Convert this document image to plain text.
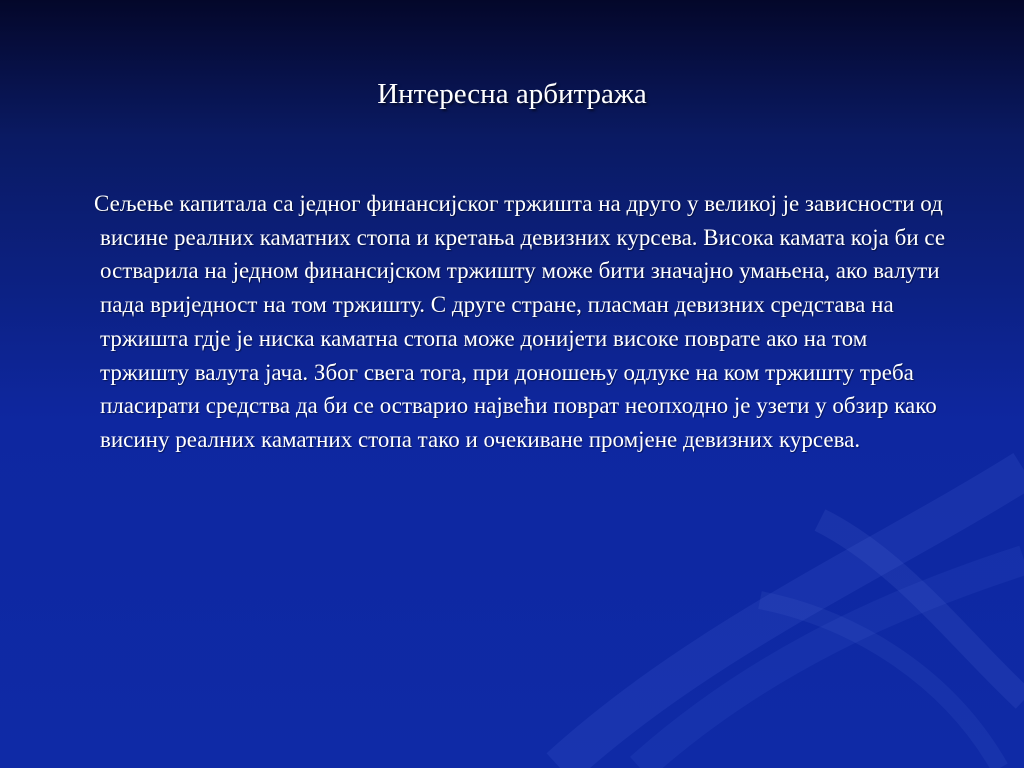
Интересна арбитража
Сељење капитала са једног финансијског тржишта на друго у великој је зависности од висине реалних каматних стопа и кретања девизних курсева. Висока камата која би се остварила на једном финансијском тржишту може бити значајно умањена, ако валути пада вриједност на том тржишту. С друге стране, пласман девизних средстава на тржишта гдје је ниска каматна стопа може донијети високе поврате ако на том тржишту валута јача. Због свега тога, при доношењу одлуке на ком тржишту треба пласирати средства да би се остварио највећи поврат неопходно је узети у обзир како висину реалних каматних стопа тако и очекиване промјене девизних курсева.
